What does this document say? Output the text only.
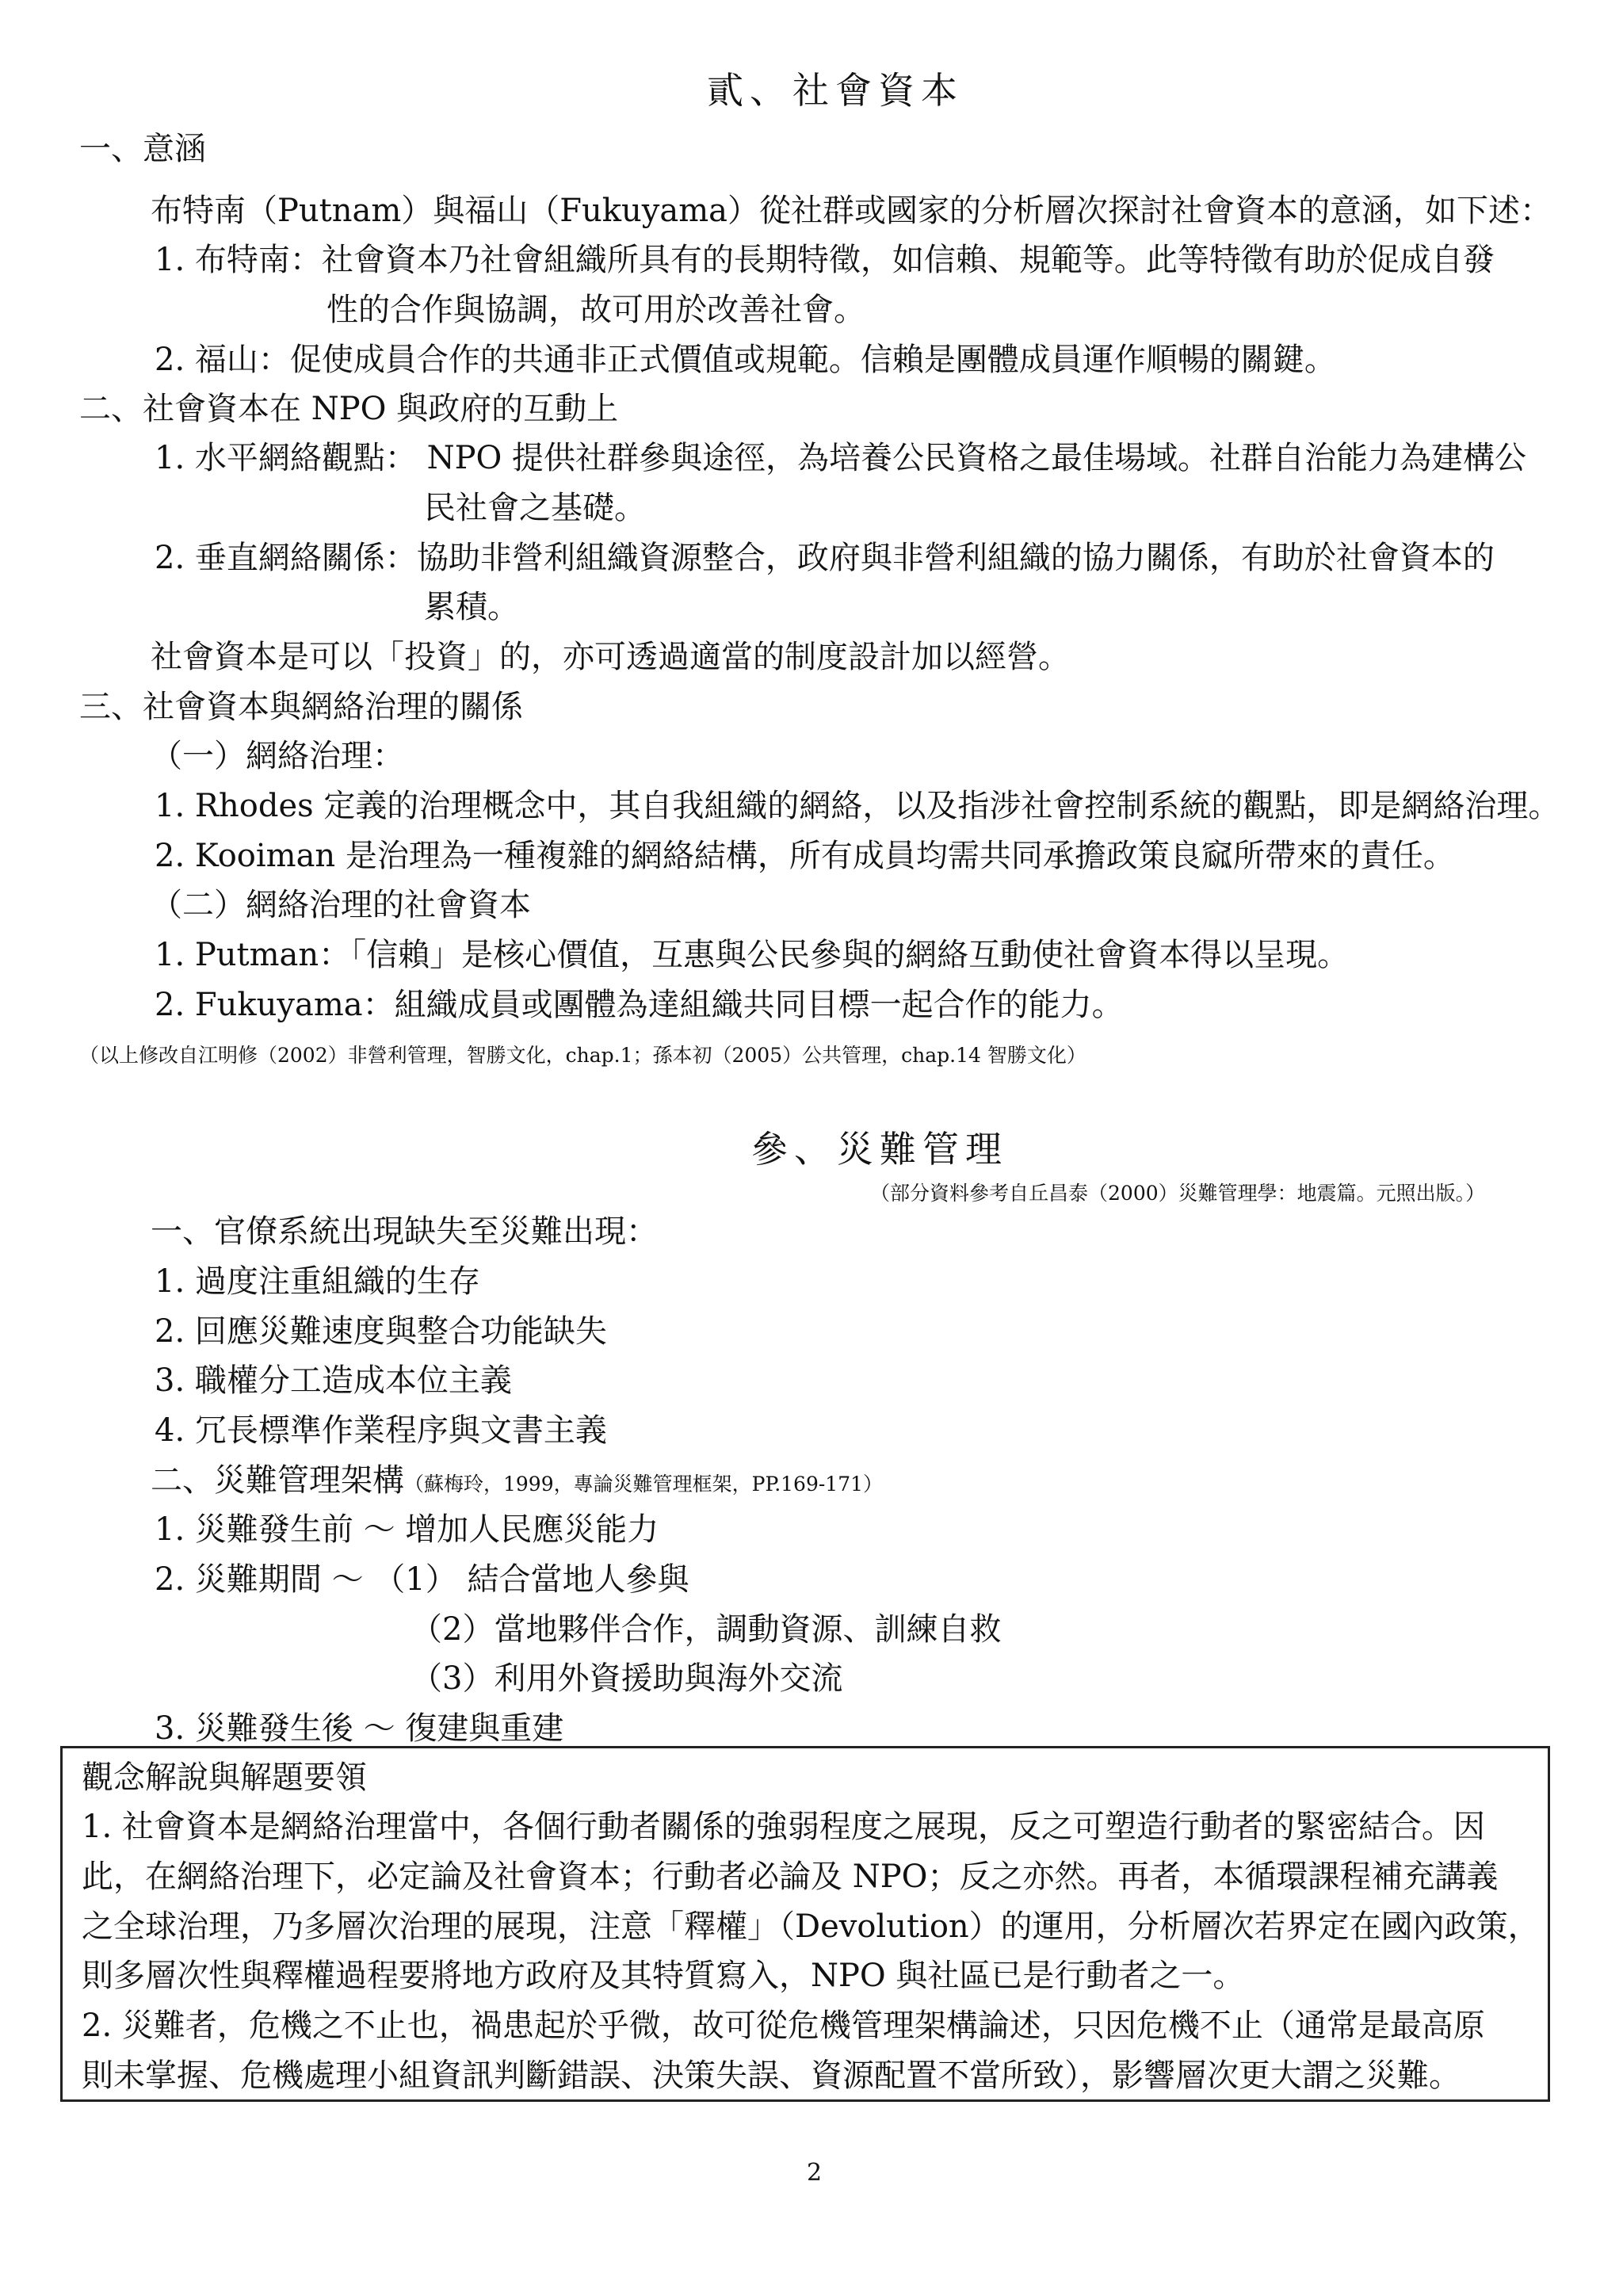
貳、社會資本
一、意涵
布特南（Putnam）與福山（Fukuyama）從社群或國家的分析層次探討社會資本的意涵，如下述：
1. 布特南：社會資本乃社會組織所具有的長期特徵，如信賴、規範等。此等特徵有助於促成自發
性的合作與協調，故可用於改善社會。
2. 福山：促使成員合作的共通非正式價值或規範。信賴是團體成員運作順暢的關鍵。
二、社會資本在 NPO 與政府的互動上
1. 水平網絡觀點： NPO 提供社群參與途徑，為培養公民資格之最佳場域。社群自治能力為建構公
民社會之基礎。
2. 垂直網絡關係：協助非營利組織資源整合，政府與非營利組織的協力關係，有助於社會資本的
累積。
社會資本是可以「投資」的，亦可透過適當的制度設計加以經營。
三、社會資本與網絡治理的關係
（一）網絡治理：
1. Rhodes 定義的治理概念中，其自我組織的網絡，以及指涉社會控制系統的觀點，即是網絡治理。
2. Kooiman 是治理為一種複雜的網絡結構，所有成員均需共同承擔政策良窳所帶來的責任。
（二）網絡治理的社會資本
1. Putman：「信賴」是核心價值，互惠與公民參與的網絡互動使社會資本得以呈現。
2. Fukuyama：組織成員或團體為達組織共同目標一起合作的能力。
（以上修改自江明修（2002）非營利管理，智勝文化，chap.1；孫本初（2005）公共管理，chap.14 智勝文化）
參、災難管理
（部分資料參考自丘昌泰（2000）災難管理學：地震篇。元照出版。）
一、官僚系統出現缺失至災難出現：
1. 過度注重組織的生存
2. 回應災難速度與整合功能缺失
3. 職權分工造成本位主義
4. 冗長標準作業程序與文書主義
二、災難管理架構（蘇梅玲，1999，專論災難管理框架，PP.169-171）
1. 災難發生前 ～ 增加人民應災能力
2. 災難期間 ～ （1） 結合當地人參與
（2）當地夥伴合作，調動資源、訓練自救
（3）利用外資援助與海外交流
3. 災難發生後 ～ 復建與重建
觀念解說與解題要領
1. 社會資本是網絡治理當中，各個行動者關係的強弱程度之展現，反之可塑造行動者的緊密結合。因
此，在網絡治理下，必定論及社會資本；行動者必論及 NPO；反之亦然。再者，本循環課程補充講義
之全球治理，乃多層次治理的展現，注意「釋權」（Devolution）的運用，分析層次若界定在國內政策，
則多層次性與釋權過程要將地方政府及其特質寫入，NPO 與社區已是行動者之一。
2. 災難者，危機之不止也，禍患起於乎微，故可從危機管理架構論述，只因危機不止（通常是最高原
則未掌握、危機處理小組資訊判斷錯誤、決策失誤、資源配置不當所致），影響層次更大謂之災難。
2
